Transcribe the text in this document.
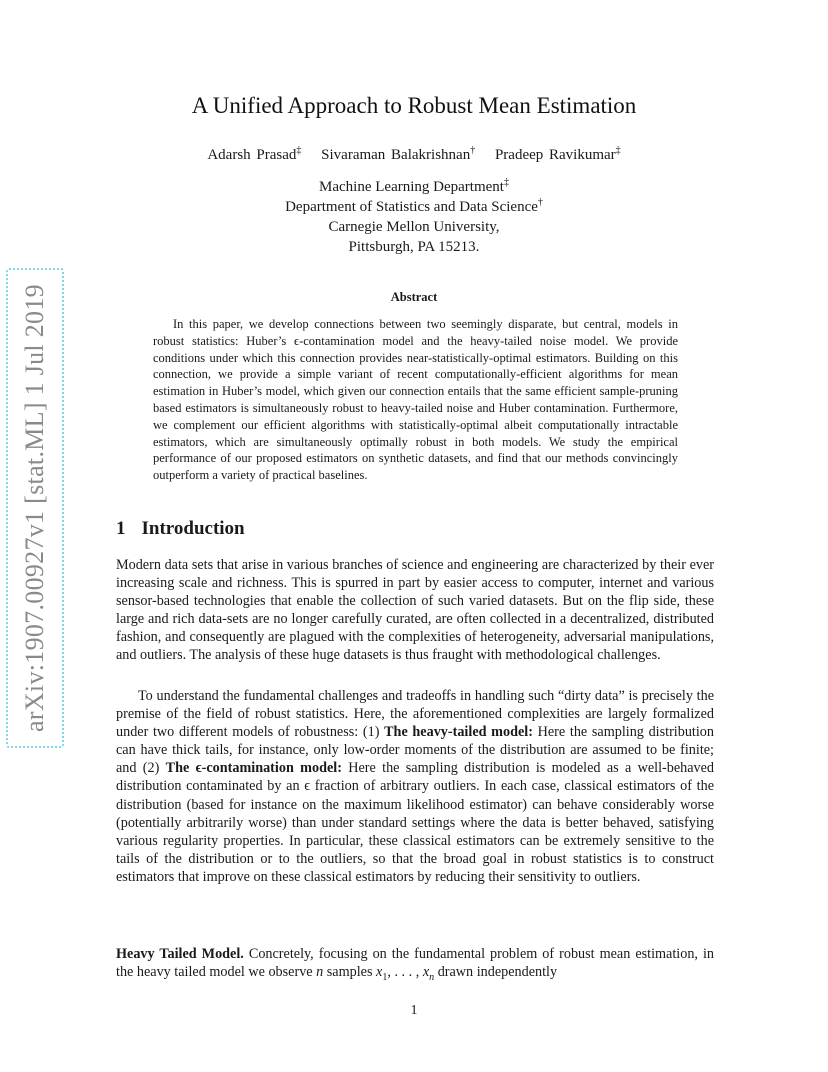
arXiv:1907.00927v1 [stat.ML] 1 Jul 2019
A Unified Approach to Robust Mean Estimation
Adarsh Prasad‡ Sivaraman Balakrishnan† Pradeep Ravikumar‡
Machine Learning Department‡
Department of Statistics and Data Science†
Carnegie Mellon University,
Pittsburgh, PA 15213.
Abstract
In this paper, we develop connections between two seemingly disparate, but central, models in robust statistics: Huber’s ϵ-contamination model and the heavy-tailed noise model. We provide conditions under which this connection provides near-statistically-optimal estimators. Building on this connection, we provide a simple variant of recent computationally-efficient algorithms for mean estimation in Huber’s model, which given our connection entails that the same efficient sample-pruning based estimators is simultaneously robust to heavy-tailed noise and Huber contamination. Furthermore, we complement our efficient algorithms with statistically-optimal albeit computationally intractable estimators, which are simultaneously optimally robust in both models. We study the empirical performance of our proposed estimators on synthetic datasets, and find that our methods convincingly outperform a variety of practical baselines.
1 Introduction
Modern data sets that arise in various branches of science and engineering are characterized by their ever increasing scale and richness. This is spurred in part by easier access to computer, internet and various sensor-based technologies that enable the collection of such varied datasets. But on the flip side, these large and rich data-sets are no longer carefully curated, are often collected in a decentralized, distributed fashion, and consequently are plagued with the complexities of heterogeneity, adversarial manipulations, and outliers. The analysis of these huge datasets is thus fraught with methodological challenges.
To understand the fundamental challenges and tradeoffs in handling such “dirty data” is precisely the premise of the field of robust statistics. Here, the aforementioned complexities are largely formalized under two different models of robustness: (1) The heavy-tailed model: Here the sampling distribution can have thick tails, for instance, only low-order moments of the distribution are assumed to be finite; and (2) The ϵ-contamination model: Here the sampling distribution is modeled as a well-behaved distribution contaminated by an ϵ fraction of arbitrary outliers. In each case, classical estimators of the distribution (based for instance on the maximum likelihood estimator) can behave considerably worse (potentially arbitrarily worse) than under standard settings where the data is better behaved, satisfying various regularity properties. In particular, these classical estimators can be extremely sensitive to the tails of the distribution or to the outliers, so that the broad goal in robust statistics is to construct estimators that improve on these classical estimators by reducing their sensitivity to outliers.
Heavy Tailed Model. Concretely, focusing on the fundamental problem of robust mean estimation, in the heavy tailed model we observe n samples $x_1$, . . . , $x_n$ drawn independently
1
